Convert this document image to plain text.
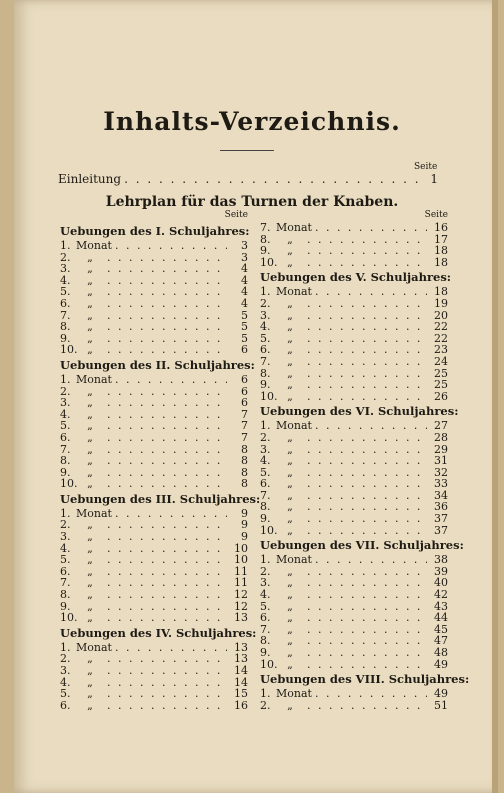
Inhalts-Verzeichnis.
Seite
Einleitung . . .	1
Lehrplan für das Turnen der Knaben.
Seite
Uebungen des I. Schuljahres:
1. Monat . . .	3
2.	„ . . .	3
3.	„ . . .	4
4.	„ . . .	4
5.	„ . . .	4
6.	„ . . .	4
7.	„ . . .	5
8.	„ . . .	5
9.	„ . . .	5
10. „ . . .	6
Uebungen des II. Schuljahres:
1. Monat . . .	6
2.	„ . . .	6
3.	„ . . .	6
4.	„ . . .	7
5.	„ . . .	7
6.	„ . . .	7
7.	„ . . .	8
8.	„ . . .	8
9.	„ . . .	8
10. „ . . .	8
Uebungen des III. Schuljahres:
1. Monat . . .	9
2.	„ . . .	9
3.	„ . . .	9
4.	„ . . .	10
5.	„ . . .	10
6.	„ . . .	11
7.	„ . . .	11
8.	„ . . .	12
9.	„ . . .	12
10. „ . . .	13
Uebungen des IV. Schuljahres:
1. Monat . . .	13
2.	„ . . .	13
3.	„ . . .	14
4.	„ . . .	14
5.	„ . . .	15
6.	„ . . .	16
Seite
7. Monat . . .	16
8.	„ . . .	17
9.	„ . . .	18
10. „ . . .	18
Uebungen des V. Schuljahres:
1. Monat . . .	18
2.	„ . . .	19
3.	„ . . .	20
4.	„ . . .	22
5.	„ . . .	22
6.	„ . . .	23
7.	„ . . .	24
8.	„ . . .	25
9.	„ . . .	25
10. „ . . .	26
Uebungen des VI. Schuljahres:
1. Monat . . .	27
2.	„ . . .	28
3.	„ . . .	29
4.	„ . . .	31
5.	„ . . .	32
6.	„ . . .	33
7.	„ . . .	34
8.	„ . . .	36
9.	„ . . .	37
10. „ . . .	37
Uebungen des VII. Schuljahres:
1. Monat . . .	38
2.	„ . . .	39
3.	„ . . .	40
4.	„ . . .	42
5.	„ . . .	43
6.	„ . . .	44
7.	„ . . .	45
8.	„ . . .	47
9.	„ . . .	48
10. „ . . .	49
Uebungen des VIII. Schuljahres:
1. Monat . . .	49
2.	„ . . .	51
